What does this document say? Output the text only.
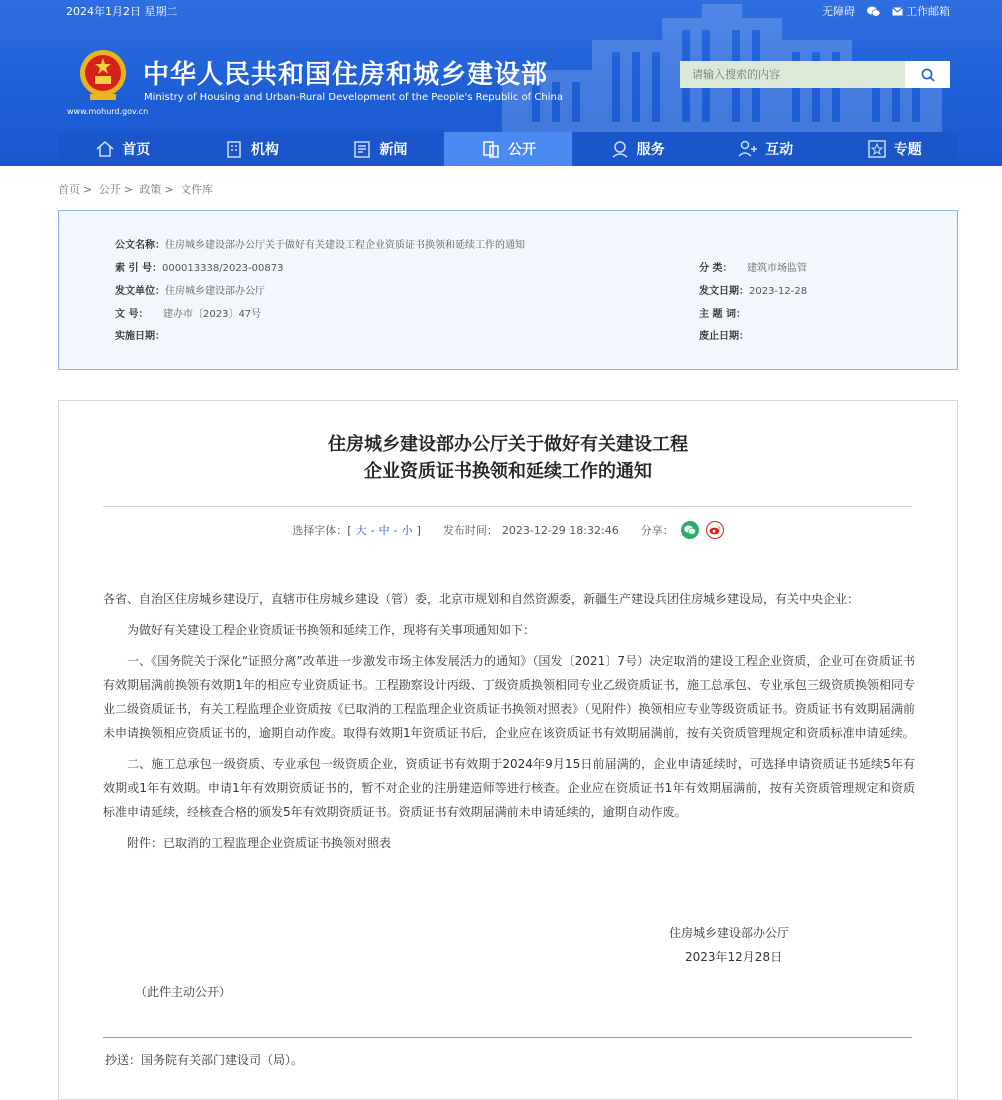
2024年1月2日 星期二	无障碍	工作邮箱
中华人民共和国住房和城乡建设部
Ministry of Housing and Urban-Rural Development of the People's Republic of China
www.mohurd.gov.cn
请输入搜索的内容
首页	机构	新闻	公开	服务	互动	专题
首页 > 公开 > 政策 > 文件库
公文名称：住房城乡建设部办公厅关于做好有关建设工程企业资质证书换领和延续工作的通知
索 引 号：000013338/2023-00873
发文单位：住房城乡建设部办公厅
文 号： 建办市〔2023〕47号
实施日期：
分 类： 建筑市场监管
发文日期：2023-12-28
主 题 词：
废止日期：
住房城乡建设部办公厅关于做好有关建设工程
企业资质证书换领和延续工作的通知
选择字体：[ 大 - 中 - 小 ] 发布时间： 2023-12-29 18:32:46 分享：

各省、自治区住房城乡建设厅，直辖市住房城乡建设（管）委，北京市规划和自然资源委，新疆生产建设兵团住房城乡建设局，有关中央企业：

为做好有关建设工程企业资质证书换领和延续工作，现将有关事项通知如下：

一、《国务院关于深化“证照分离”改革进一步激发市场主体发展活力的通知》（国发〔2021〕7号）决定取消的建设工程企业资质，企业可在资质证书有效期届满前换领有效期1年的相应专业资质证书。工程勘察设计丙级、丁级资质换领相同专业乙级资质证书，施工总承包、专业承包三级资质换领相同专业二级资质证书，有关工程监理企业资质按《已取消的工程监理企业资质证书换领对照表》（见附件）换领相应专业等级资质证书。资质证书有效期届满前未申请换领相应资质证书的，逾期自动作废。取得有效期1年资质证书后，企业应在该资质证书有效期届满前，按有关资质管理规定和资质标准申请延续。

二、施工总承包一级资质、专业承包一级资质企业，资质证书有效期于2024年9月15日前届满的，企业申请延续时，可选择申请资质证书延续5年有效期或1年有效期。申请1年有效期资质证书的，暂不对企业的注册建造师等进行核查。企业应在资质证书1年有效期届满前，按有关资质管理规定和资质标准申请延续，经核查合格的颁发5年有效期资质证书。资质证书有效期届满前未申请延续的，逾期自动作废。

附件：已取消的工程监理企业资质证书换领对照表

住房城乡建设部办公厅
2023年12月28日
（此件主动公开）
抄送：国务院有关部门建设司（局）。
